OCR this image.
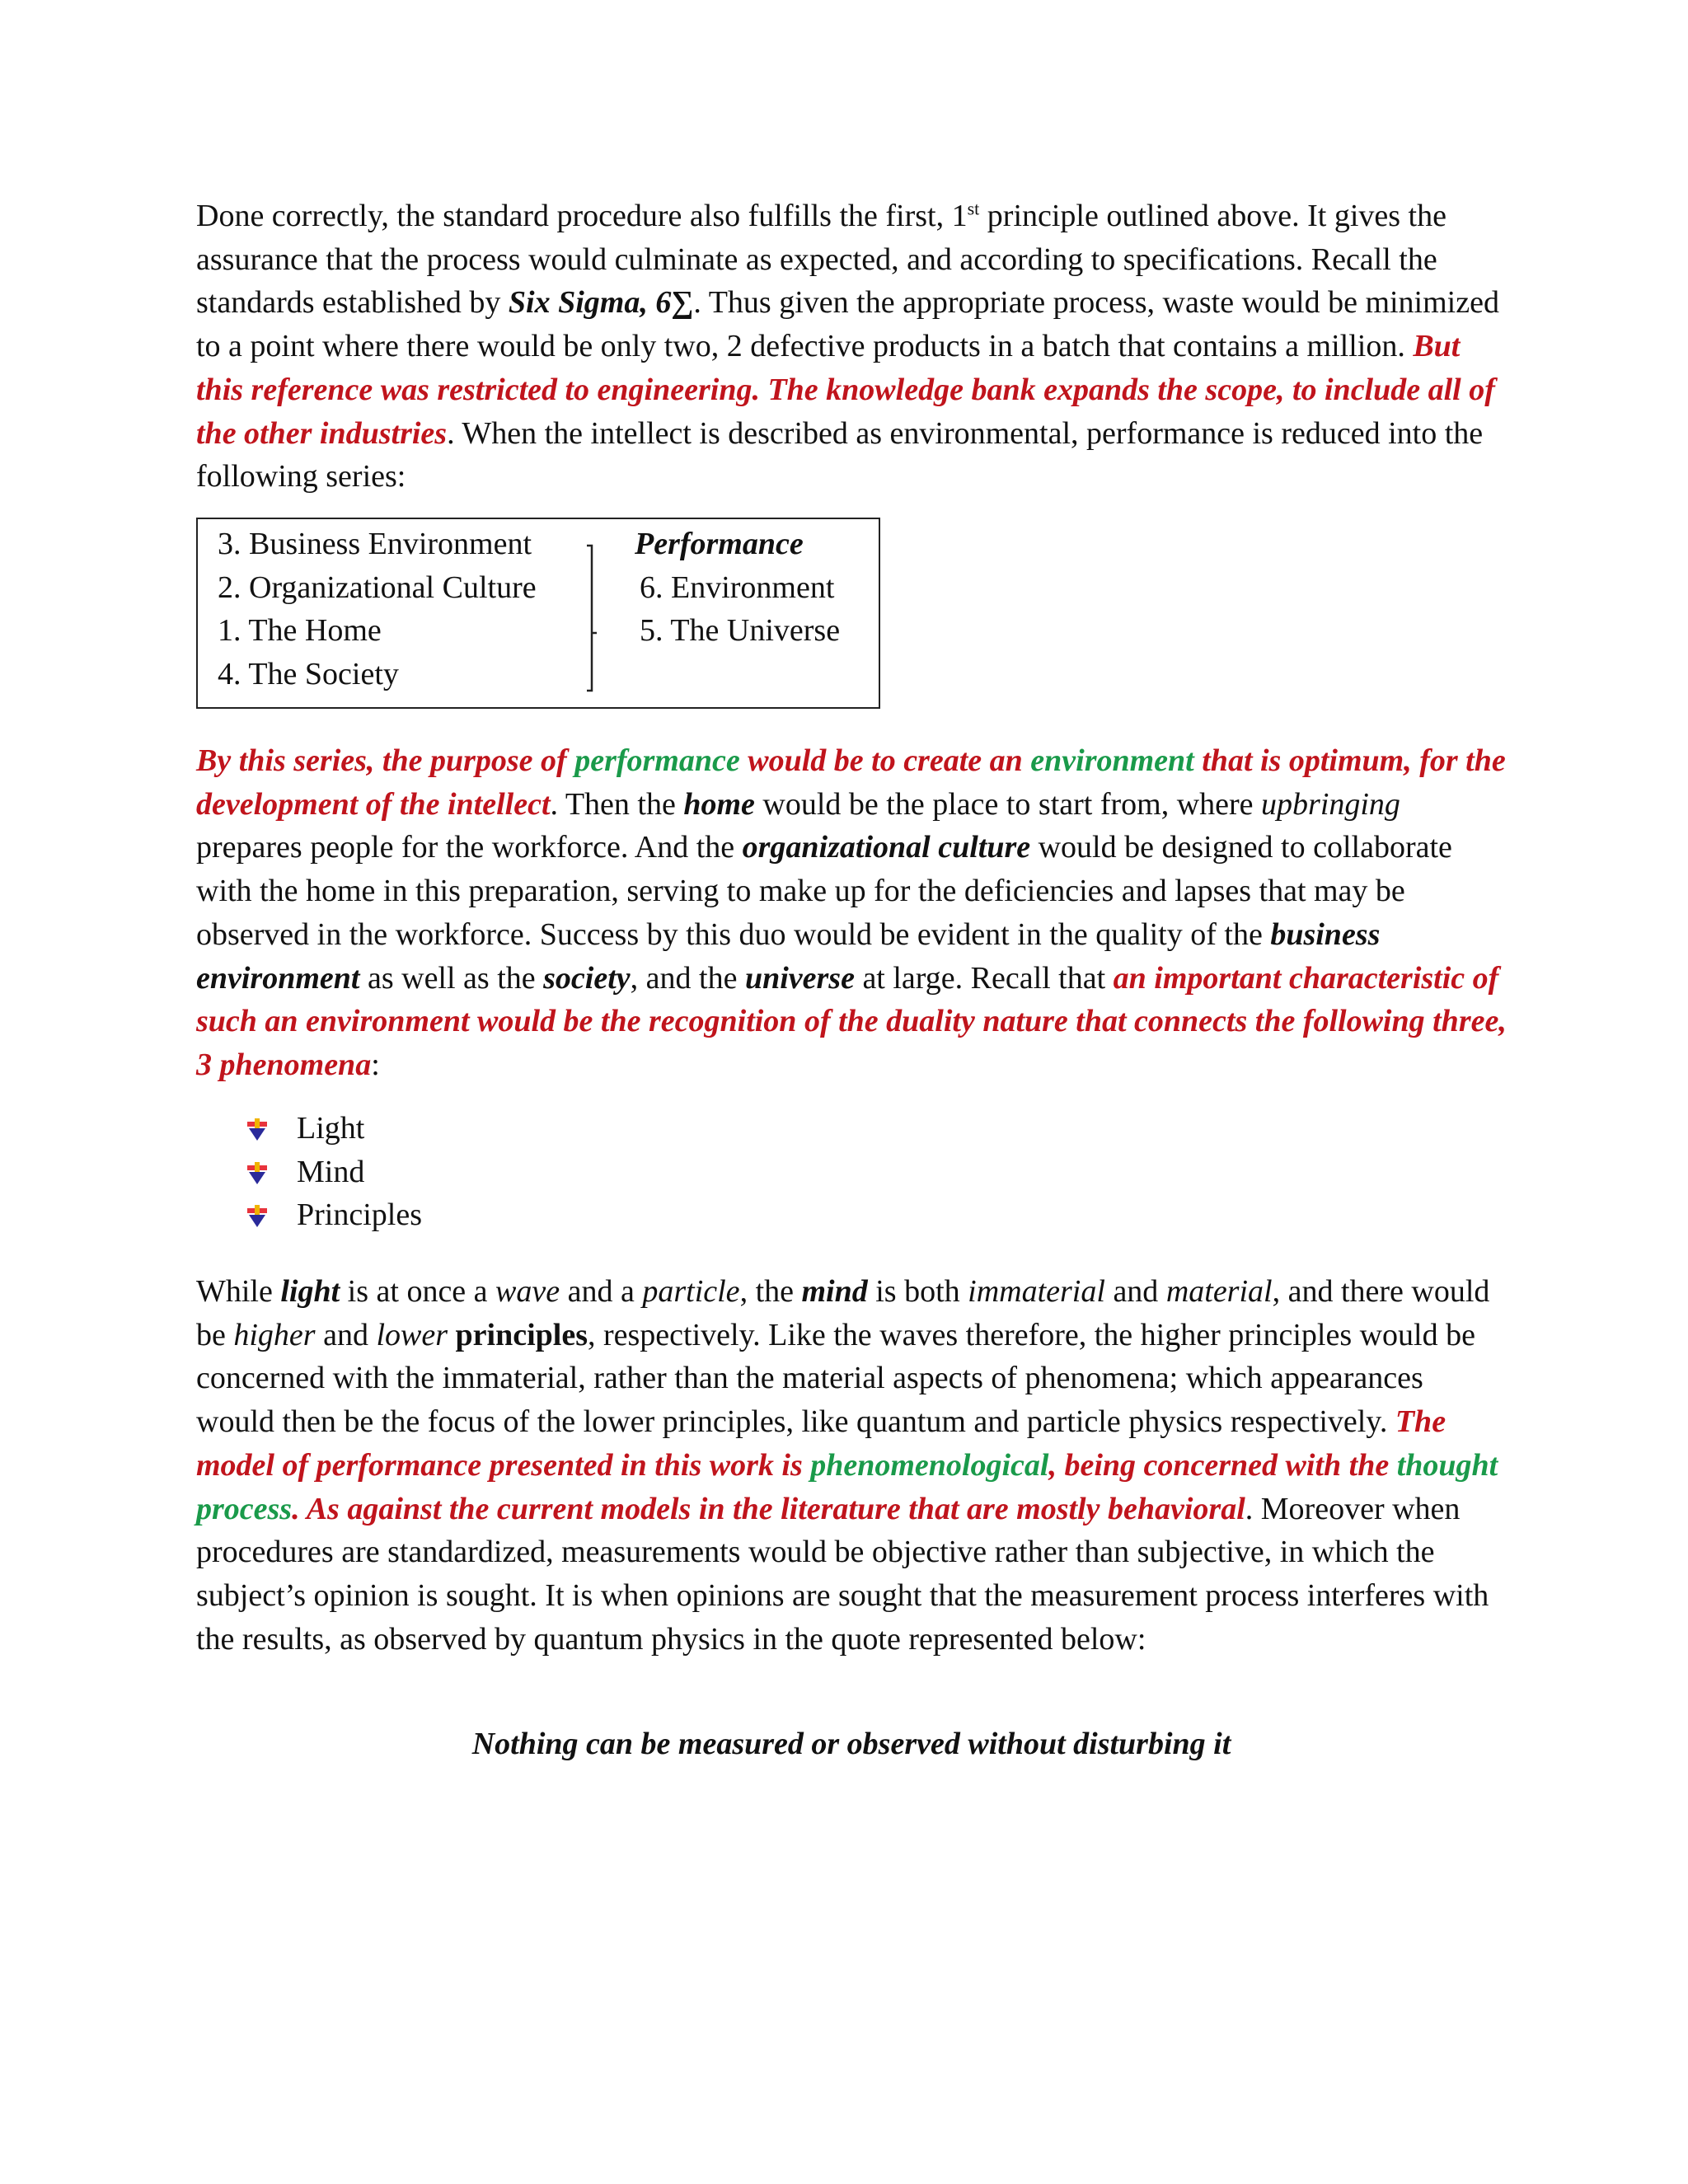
Done correctly, the standard procedure also fulfills the first, 1st principle outlined above. It gives the assurance that the process would culminate as expected, and according to specifications. Recall the standards established by Six Sigma, 6∑. Thus given the appropriate process, waste would be minimized to a point where there would be only two, 2 defective products in a batch that contains a million. But this reference was restricted to engineering. The knowledge bank expands the scope, to include all of the other industries. When the intellect is described as environmental, performance is reduced into the following series:

3. Business Environment
2. Organizational Culture
1. The Home
4. The Society
Performance
6. Environment
5. The Universe

By this series, the purpose of performance would be to create an environment that is optimum, for the development of the intellect. Then the home would be the place to start from, where upbringing prepares people for the workforce. And the organizational culture would be designed to collaborate with the home in this preparation, serving to make up for the deficiencies and lapses that may be observed in the workforce. Success by this duo would be evident in the quality of the business environment as well as the society, and the universe at large. Recall that an important characteristic of such an environment would be the recognition of the duality nature that connects the following three, 3 phenomena:

Light
Mind
Principles

While light is at once a wave and a particle, the mind is both immaterial and material, and there would be higher and lower principles, respectively. Like the waves therefore, the higher principles would be concerned with the immaterial, rather than the material aspects of phenomena; which appearances would then be the focus of the lower principles, like quantum and particle physics respectively. The model of performance presented in this work is phenomenological, being concerned with the thought process. As against the current models in the literature that are mostly behavioral. Moreover when procedures are standardized, measurements would be objective rather than subjective, in which the subject’s opinion is sought. It is when opinions are sought that the measurement process interferes with the results, as observed by quantum physics in the quote represented below:

Nothing can be measured or observed without disturbing it
